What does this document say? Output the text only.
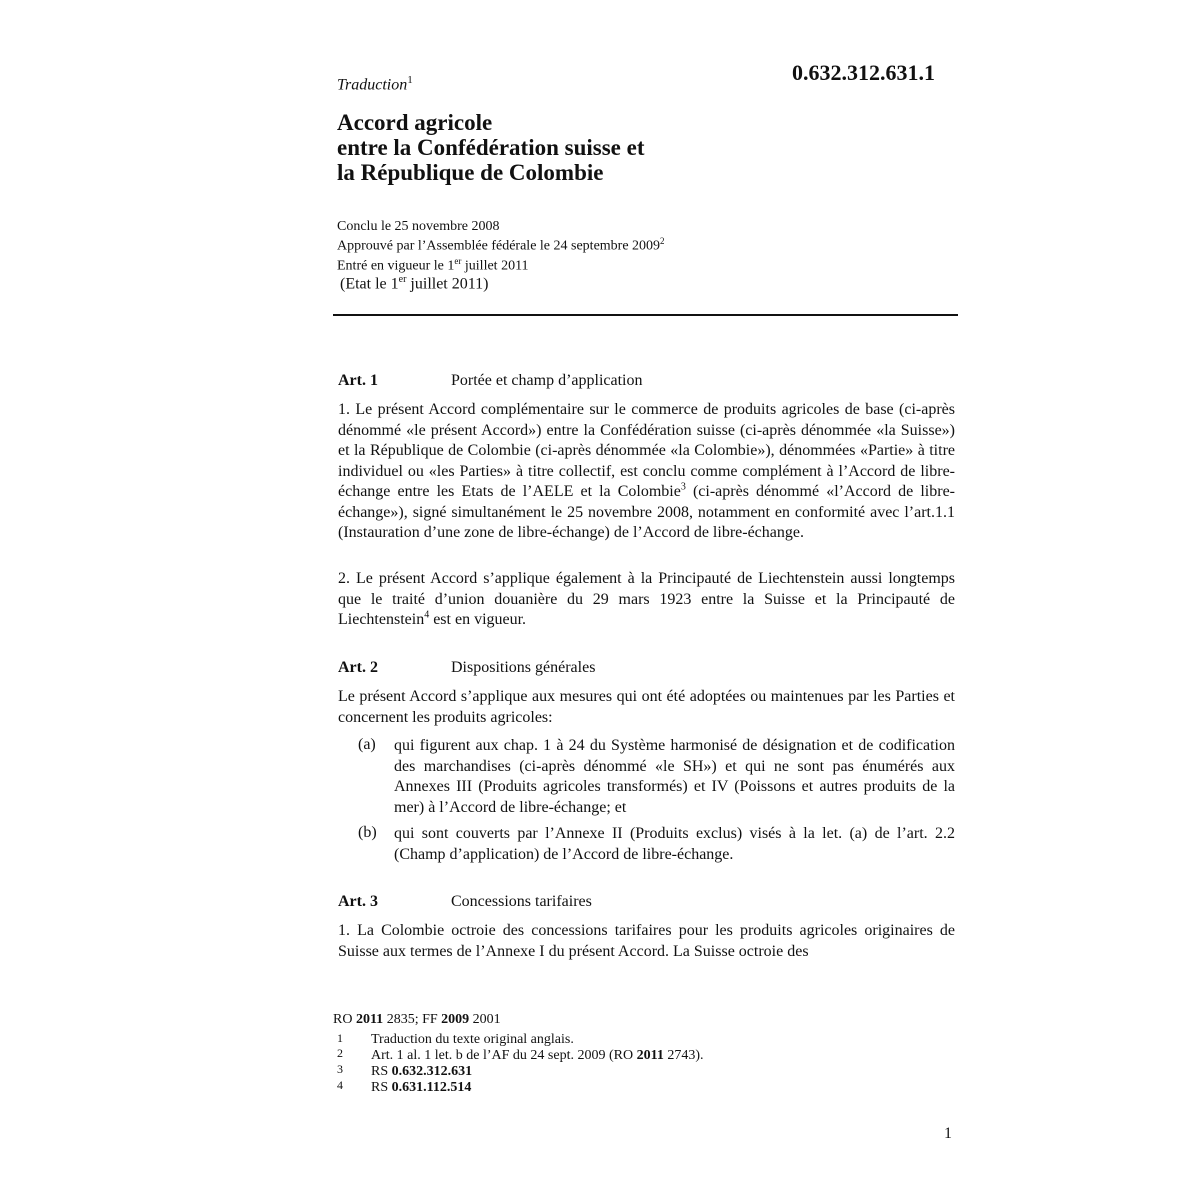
0.632.312.631.1
Traduction$^1$
Accord agricole
entre la Confédération suisse et
la République de Colombie
Conclu le 25 novembre 2008
Approuvé par l’Assemblée fédérale le 24 septembre 2009$^2$
Entré en vigueur le 1er juillet 2011
(Etat le 1er juillet 2011)
Art. 1	Portée et champ d’application
1. Le présent Accord complémentaire sur le commerce de produits agricoles de base (ci-après dénommé «le présent Accord») entre la Confédération suisse (ci-après dénommée «la Suisse») et la République de Colombie (ci-après dénommée «la Colombie»), dénommées «Partie» à titre individuel ou «les Parties» à titre collectif, est conclu comme complément à l’Accord de libre-échange entre les Etats de l’AELE et la Colombie$^3$ (ci-après dénommé «l’Accord de libre-échange»), signé simultanément le 25 novembre 2008, notamment en conformité avec l’art.1.1 (Instauration d’une zone de libre-échange) de l’Accord de libre-échange.
2. Le présent Accord s’applique également à la Principauté de Liechtenstein aussi longtemps que le traité d’union douanière du 29 mars 1923 entre la Suisse et la Principauté de Liechtenstein$^4$ est en vigueur.
Art. 2	Dispositions générales
Le présent Accord s’applique aux mesures qui ont été adoptées ou maintenues par les Parties et concernent les produits agricoles:
(a) qui figurent aux chap. 1 à 24 du Système harmonisé de désignation et de codification des marchandises (ci-après dénommé «le SH») et qui ne sont pas énumérés aux Annexes III (Produits agricoles transformés) et IV (Poissons et autres produits de la mer) à l’Accord de libre-échange; et
(b) qui sont couverts par l’Annexe II (Produits exclus) visés à la let. (a) de l’art. 2.2 (Champ d’application) de l’Accord de libre-échange.
Art. 3	Concessions tarifaires
1. La Colombie octroie des concessions tarifaires pour les produits agricoles originaires de Suisse aux termes de l’Annexe I du présent Accord. La Suisse octroie des
RO 2011 2835; FF 2009 2001
1 Traduction du texte original anglais.
2 Art. 1 al. 1 let. b de l’AF du 24 sept. 2009 (RO 2011 2743).
3 RS 0.632.312.631
4 RS 0.631.112.514
1
